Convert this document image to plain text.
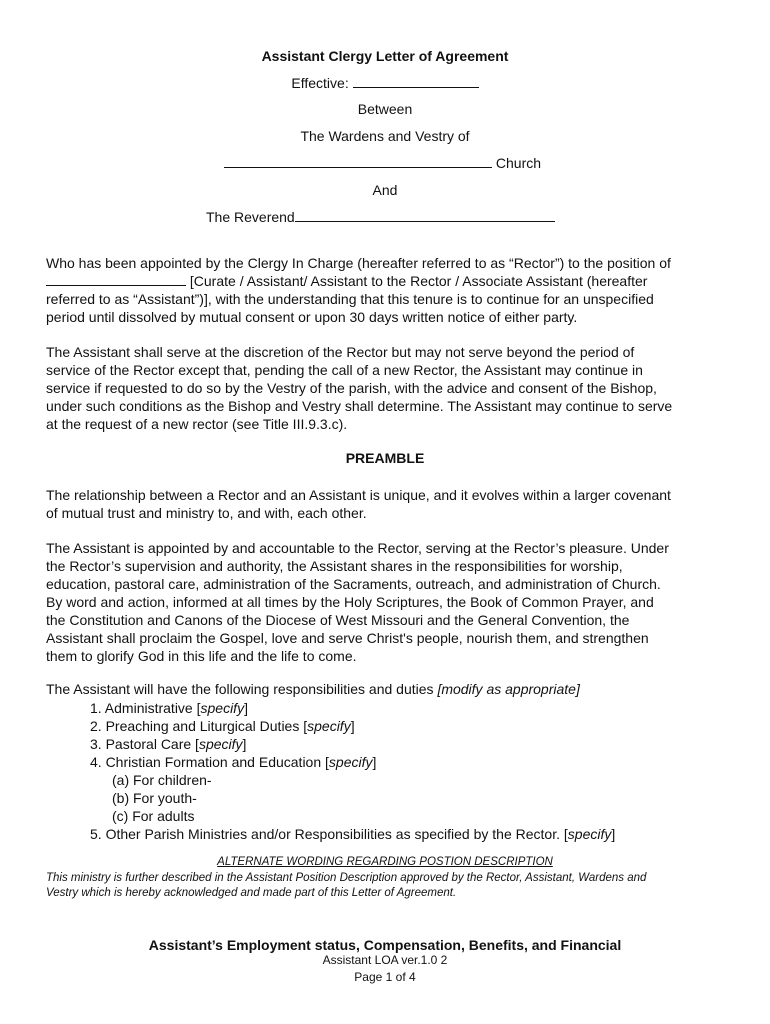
Assistant Clergy Letter of Agreement
Effective:
Between
The Wardens and Vestry of
Church
And
The Reverend
Who has been appointed by the Clergy In Charge (hereafter referred to as “Rector”) to the position of
[Curate / Assistant/ Assistant to the Rector / Associate Assistant (hereafter
referred to as “Assistant”)], with the understanding that this tenure is to continue for an unspecified
period until dissolved by mutual consent or upon 30 days written notice of either party.
The Assistant shall serve at the discretion of the Rector but may not serve beyond the period of
service of the Rector except that, pending the call of a new Rector, the Assistant may continue in
service if requested to do so by the Vestry of the parish, with the advice and consent of the Bishop,
under such conditions as the Bishop and Vestry shall determine. The Assistant may continue to serve
at the request of a new rector (see Title III.9.3.c).
PREAMBLE
The relationship between a Rector and an Assistant is unique, and it evolves within a larger covenant
of mutual trust and ministry to, and with, each other.
The Assistant is appointed by and accountable to the Rector, serving at the Rector’s pleasure. Under
the Rector’s supervision and authority, the Assistant shares in the responsibilities for worship,
education, pastoral care, administration of the Sacraments, outreach, and administration of Church.
By word and action, informed at all times by the Holy Scriptures, the Book of Common Prayer, and
the Constitution and Canons of the Diocese of West Missouri and the General Convention, the
Assistant shall proclaim the Gospel, love and serve Christ's people, nourish them, and strengthen
them to glorify God in this life and the life to come.
The Assistant will have the following responsibilities and duties [modify as appropriate]
1. Administrative [specify]
2. Preaching and Liturgical Duties [specify]
3. Pastoral Care [specify]
4. Christian Formation and Education [specify]
(a) For children-
(b) For youth-
(c) For adults
5. Other Parish Ministries and/or Responsibilities as specified by the Rector. [specify]
ALTERNATE WORDING REGARDING POSTION DESCRIPTION
This ministry is further described in the Assistant Position Description approved by the Rector, Assistant, Wardens and
Vestry which is hereby acknowledged and made part of this Letter of Agreement.
Assistant’s Employment status, Compensation, Benefits, and Financial
Assistant LOA ver.1.0 2
Page 1 of 4
